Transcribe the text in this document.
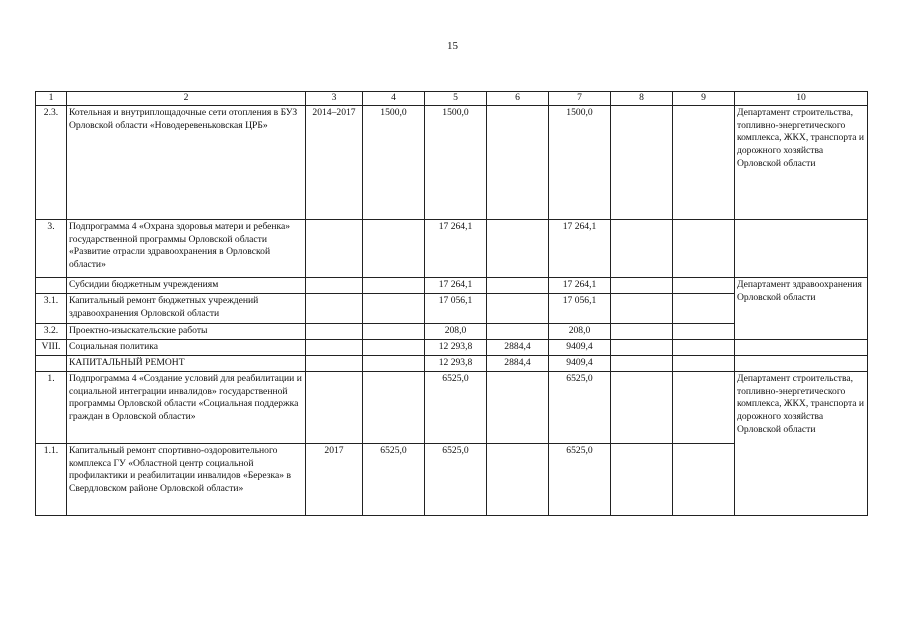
15
1	2	3	4	5	6	7	8	9	10
2.3.	Котельная и внутриплощадочные сети отопления в БУЗ Орловской области «Новодеревеньковская ЦРБ»	2014–2017	1500,0	1500,0		1500,0			Департамент строительства, топливно-энергетического комплекса, ЖКХ, транспорта и дорожного хозяйства Орловской области
3.	Подпрограмма 4 «Охрана здоровья матери и ребенка» государственной программы Орловской области «Развитие отрасли здравоохранения в Орловской области»			17 264,1		17 264,1			
	Субсидии бюджетным учреждениям			17 264,1		17 264,1			Департамент здравоохранения Орловской области
3.1.	Капитальный ремонт бюджетных учреждений здравоохранения Орловской области			17 056,1		17 056,1			
3.2.	Проектно-изыскательские работы			208,0		208,0			
VIII.	Социальная политика			12 293,8	2884,4	9409,4			
	КАПИТАЛЬНЫЙ РЕМОНТ			12 293,8	2884,4	9409,4			
1.	Подпрограмма 4 «Создание условий для реабилитации и социальной интеграции инвалидов» государственной программы Орловской области «Социальная поддержка граждан в Орловской области»			6525,0		6525,0			Департамент строительства, топливно-энергетического комплекса, ЖКХ, транспорта и дорожного хозяйства Орловской области
1.1.	Капитальный ремонт спортивно-оздоровительного комплекса ГУ «Областной центр социальной профилактики и реабилитации инвалидов «Березка» в Свердловском районе Орловской области»	2017	6525,0	6525,0		6525,0			
